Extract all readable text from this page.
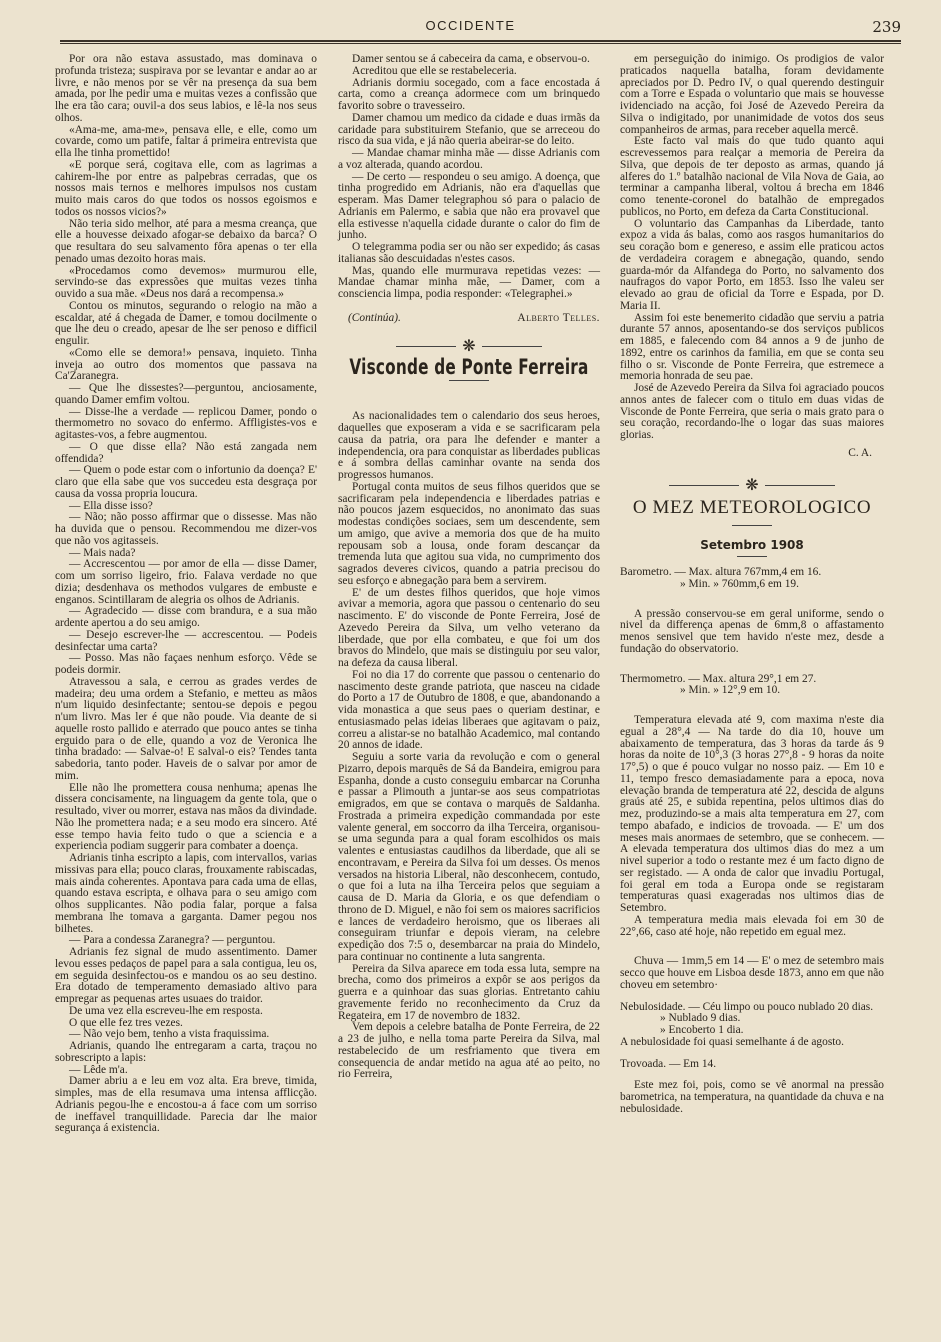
OCCIDENTE	239

Por ora não estava assustado, mas dominava o profunda tristeza; suspirava por se levantar e andar ao ar livre, e não menos por se vêr na presença da sua bem amada, por lhe pedir uma e muitas vezes a confissão que lhe era tão cara; ouvil-a dos seus labios, e lê-la nos seus olhos.

«Ama-me, ama-me», pensava elle, e elle, como um covarde, como um patife, faltar á primeira entrevista que ella lhe tinha promettido!

«E porque será, cogitava elle, com as lagrimas a cahirem-lhe por entre as palpebras cerradas, que os nossos mais ternos e melhores impulsos nos custam muito mais caros do que todos os nossos egoismos e todos os nossos vicios?»

Não teria sido melhor, até para a mesma creança, que elle a houvesse deixado afogar-se debaixo da barca? O que resultara do seu salvamento fôra apenas o ter ella penado umas dezoito horas mais.

«Procedamos como devemos» murmurou elle, servindo-se das expressões que muitas vezes tinha ouvido a sua mãe. «Deus nos dará a recompensa.»

Contou os minutos, segurando o relogio na mão a escaldar, até á chegada de Damer, e tomou docilmente o que lhe deu o creado, apesar de lhe ser penoso e difficil engulir.

«Como elle se demora!» pensava, inquieto. Tinha inveja ao outro dos momentos que passava na Ca'Zaranegra.

— Que lhe dissestes?—perguntou, anciosamente, quando Damer emfim voltou.

— Disse-lhe a verdade — replicou Damer, pondo o thermometro no sovaco do enfermo. Affligistes-vos e agitastes-vos, a febre augmentou.

— O que disse ella? Não está zangada nem offendida?

— Quem o pode estar com o infortunio da doença? E' claro que ella sabe que vos succedeu esta desgraça por causa da vossa propria loucura.

— Ella disse isso?

— Não; não posso affirmar que o dissesse. Mas não ha duvida que o pensou. Recommendou me dizer-vos que não vos agitasseis.

— Mais nada?

— Accrescentou — por amor de ella — disse Damer, com um sorriso ligeiro, frio. Falava verdade no que dizia; desdenhava os methodos vulgares de embuste e enganos. Scintillaram de alegria os olhos de Adrianis.

— Agradecido — disse com brandura, e a sua mão ardente apertou a do seu amigo.

— Desejo escrever-lhe — accrescentou. — Podeis desinfectar uma carta?

— Posso. Mas não façaes nenhum esforço. Vêde se podeis dormir.

Atravessou a sala, e cerrou as grades verdes de madeira; deu uma ordem a Stefanio, e metteu as mãos n'um liquido desinfectante; sentou-se depois e pegou n'um livro. Mas ler é que não poude. Via deante de si aquelle rosto pallido e aterrado que pouco antes se tinha erguido para o de elle, quando a voz de Veronica lhe tinha bradado: — Salvae-o! E salval-o eis? Tendes tanta sabedoria, tanto poder. Haveis de o salvar por amor de mim.

Elle não lhe promettera cousa nenhuma; apenas lhe dissera concisamente, na linguagem da gente tola, que o resultado, viver ou morrer, estava nas mãos da divindade. Não lhe promettera nada; e a seu modo era sincero. Até esse tempo havia feito tudo o que a sciencia e a experiencia podiam suggerir para combater a doença.

Adrianis tinha escripto a lapis, com intervallos, varias missivas para ella; pouco claras, frouxamente rabiscadas, mais ainda coherentes. Apontava para cada uma de ellas, quando estava escripta, e olhava para o seu amigo com olhos supplicantes. Não podia falar, porque a falsa membrana lhe tomava a garganta. Damer pegou nos bilhetes.

— Para a condessa Zaranegra? — perguntou.

Adrianis fez signal de mudo assentimento. Damer levou esses pedaços de papel para a sala contigua, leu os, em seguida desinfectou-os e mandou os ao seu destino. Era dotado de temperamento demasiado altivo para empregar as pequenas artes usuaes do traidor.

De uma vez ella escreveu-lhe em resposta.

O que elle fez tres vezes.

— Não vejo bem, tenho a vista fraquissima.

Adrianis, quando lhe entregaram a carta, traçou no sobrescripto a lapis:

— Lêde m'a.

Damer abriu a e leu em voz alta. Era breve, timida, simples, mas de ella resumava uma intensa afflicção. Adrianis pegou-lhe e encostou-a á face com um sorriso de ineffavel tranquillidade. Parecia dar lhe maior segurança á existencia.

Damer sentou se á cabeceira da cama, e observou-o.

Acreditou que elle se restabeleceria.

Adrianis dormiu socegado, com a face encostada á carta, como a creança adormece com um brinquedo favorito sobre o travesseiro.

Damer chamou um medico da cidade e duas irmãs da caridade para substituirem Stefanio, que se arreceou do risco da sua vida, e já não queria abeirar-se do leito.

— Mandae chamar minha mãe — disse Adrianis com a voz alterada, quando acordou.

— De certo — respondeu o seu amigo. A doença, que tinha progredido em Adrianis, não era d'aquellas que esperam. Mas Damer telegraphou só para o palacio de Adrianis em Palermo, e sabia que não era provavel que ella estivesse n'aquella cidade durante o calor do fim de junho.

O telegramma podia ser ou não ser expedido; ás casas italianas são descuidadas n'estes casos.

Mas, quando elle murmurava repetidas vezes: —Mandae chamar minha mãe, — Damer, com a consciencia limpa, podia responder: «Telegraphei.»

(Continúa).	Alberto Telles.
❋
Visconde de Ponte Ferreira

As nacionalidades tem o calendario dos seus heroes, daquelles que exposeram a vida e se sacrificaram pela causa da patria, ora para lhe defender e manter a independencia, ora para conquistar as liberdades publicas e á sombra dellas caminhar ovante na senda dos progressos humanos.

Portugal conta muitos de seus filhos queridos que se sacrificaram pela independencia e liberdades patrias e não poucos jazem esquecidos, no anonimato das suas modestas condições sociaes, sem um descendente, sem um amigo, que avive a memoria dos que de ha muito repousam sob a lousa, onde foram descançar da tremenda luta que agitou sua vida, no cumprimento dos sagrados deveres civicos, quando a patria precisou do seu esforço e abnegação para bem a servirem.

E' de um destes filhos queridos, que hoje vimos avivar a memoria, agora que passou o centenario do seu nascimento. E' do visconde de Ponte Ferreira, José de Azevedo Pereira da Silva, um velho veterano da liberdade, que por ella combateu, e que foi um dos bravos do Mindelo, que mais se distinguiu por seu valor, na defeza da causa liberal.

Foi no dia 17 do corrente que passou o centenario do nascimento deste grande patriota, que nasceu na cidade do Porto a 17 de Outubro de 1808, e que, abandonando a vida monastica a que seus paes o queriam destinar, e entusiasmado pelas ideias liberaes que agitavam o paiz, correu a alistar-se no batalhão Academico, mal contando 20 annos de idade.

Seguiu a sorte varia da revolução e com o general Pizarro, depois marquês de Sá da Bandeira, emigrou para Espanha, donde a custo conseguiu embarcar na Corunha e passar a Plimouth a juntar-se aos seus compatriotas emigrados, em que se contava o marquês de Saldanha. Frostrada a primeira expedição commandada por este valente general, em soccorro da ilha Terceira, organisou-se uma segunda para a qual foram escolhidos os mais valentes e entusiastas caudilhos da liberdade, que ali se encontravam, e Pereira da Silva foi um desses. Os menos versados na historia Liberal, não desconhecem, contudo, o que foi a luta na ilha Terceira pelos que seguiam a causa de D. Maria da Gloria, e os que defendiam o throno de D. Miguel, e não foi sem os maiores sacrificios e lances de verdadeiro heroismo, que os liberaes ali conseguiram triunfar e depois vieram, na celebre expedição dos 7:5 o, desembarcar na praia do Mindelo, para continuar no continente a luta sangrenta.

Pereira da Silva aparece em toda essa luta, sempre na brecha, como dos primeiros a expôr se aos perigos da guerra e a quinhoar das suas glorias. Entretanto cahiu gravemente ferido no reconhecimento da Cruz da Regateira, em 17 de novembro de 1832.

Vem depois a celebre batalha de Ponte Ferreira, de 22 a 23 de julho, e nella toma parte Pereira da Silva, mal restabelecido de um resfriamento que tivera em consequencia de andar metido na agua até ao peito, no rio Ferreira,

em perseguição do inimigo. Os prodigios de valor praticados naquella batalha, foram devidamente apreciados por D. Pedro IV, o qual querendo destinguir com a Torre e Espada o voluntario que mais se houvesse ividenciado na acção, foi José de Azevedo Pereira da Silva o indigitado, por unanimidade de votos dos seus companheiros de armas, para receber aquella mercê.

Este facto val mais do que tudo quanto aqui escrevessemos para realçar a memoria de Pereira da Silva, que depois de ter deposto as armas, quando já alferes do 1.º batalhão nacional de Vila Nova de Gaia, ao terminar a campanha liberal, voltou á brecha em 1846 como tenente-coronel do batalhão de empregados publicos, no Porto, em defeza da Carta Constitucional.

O voluntario das Campanhas da Liberdade, tanto expoz a vida ás balas, como aos rasgos humanitarios do seu coração bom e genereso, e assim elle praticou actos de verdadeira coragem e abnegação, quando, sendo guarda-mór da Alfandega do Porto, no salvamento dos naufragos do vapor Porto, em 1853. Isso lhe valeu ser elevado ao grau de oficial da Torre e Espada, por D. Maria II.

Assim foi este benemerito cidadão que serviu a patria durante 57 annos, aposentando-se dos serviços publicos em 1885, e falecendo com 84 annos a 9 de junho de 1892, entre os carinhos da familia, em que se conta seu filho o sr. Visconde de Ponte Ferreira, que estremece a memoria honrada de seu pae.

José de Azevedo Pereira da Silva foi agraciado poucos annos antes de falecer com o titulo em duas vidas de Visconde de Ponte Ferreira, que seria o mais grato para o seu coração, recordando-lhe o logar das suas maiores glorias.

C. A.
❋
O MEZ METEOROLOGICO
Setembro 1908

Barometro. — Max. altura 767mm,4 em 16.

» Min. » 760mm,6 em 19.

A pressão conservou-se em geral uniforme, sendo o nivel da differença apenas de 6mm,8 o affastamento menos sensivel que tem havido n'este mez, desde a fundação do observatorio.

Thermometro. — Max. altura 29°,1 em 27.

» Min. » 12°,9 em 10.

Temperatura elevada até 9, com maxima n'este dia egual a 28°,4 — Na tarde do dia 10, houve um abaixamento de temperatura, das 3 horas da tarde ás 9 horas da noite de 10°,3 (3 horas 27°,8 - 9 horas da noite 17°,5) o que é pouco vulgar no nosso paiz. — Em 10 e 11, tempo fresco demasiadamente para a epoca, nova elevação branda de temperatura até 22, descida de alguns graús até 25, e subida repentina, pelos ultimos dias do mez, produzindo-se a mais alta temperatura em 27, com tempo abafado, e indicios de trovoada. — E' um dos meses mais anormaes de setembro, que se conhecem. — A elevada temperatura dos ultimos dias do mez a um nivel superior a todo o restante mez é um facto digno de ser registado. — A onda de calor que invadiu Portugal, foi geral em toda a Europa onde se registaram temperaturas quasi exageradas nos ultimos dias de Setembro.

A temperatura media mais elevada foi em 30 de 22°,66, caso até hoje, não repetido em egual mez.

Chuva — 1mm,5 em 14 — E' o mez de setembro mais secco que houve em Lisboa desde 1873, anno em que não choveu em setembro·

Nebulosidade. — Céu limpo ou pouco nublado 20 dias.

» Nublado 9 dias.

» Encoberto 1 dia.

A nebulosidade foi quasi semelhante á de agosto.

Trovoada. — Em 14.

Este mez foi, pois, como se vê anormal na pressão barometrica, na temperatura, na quantidade da chuva e na nebulosidade.
